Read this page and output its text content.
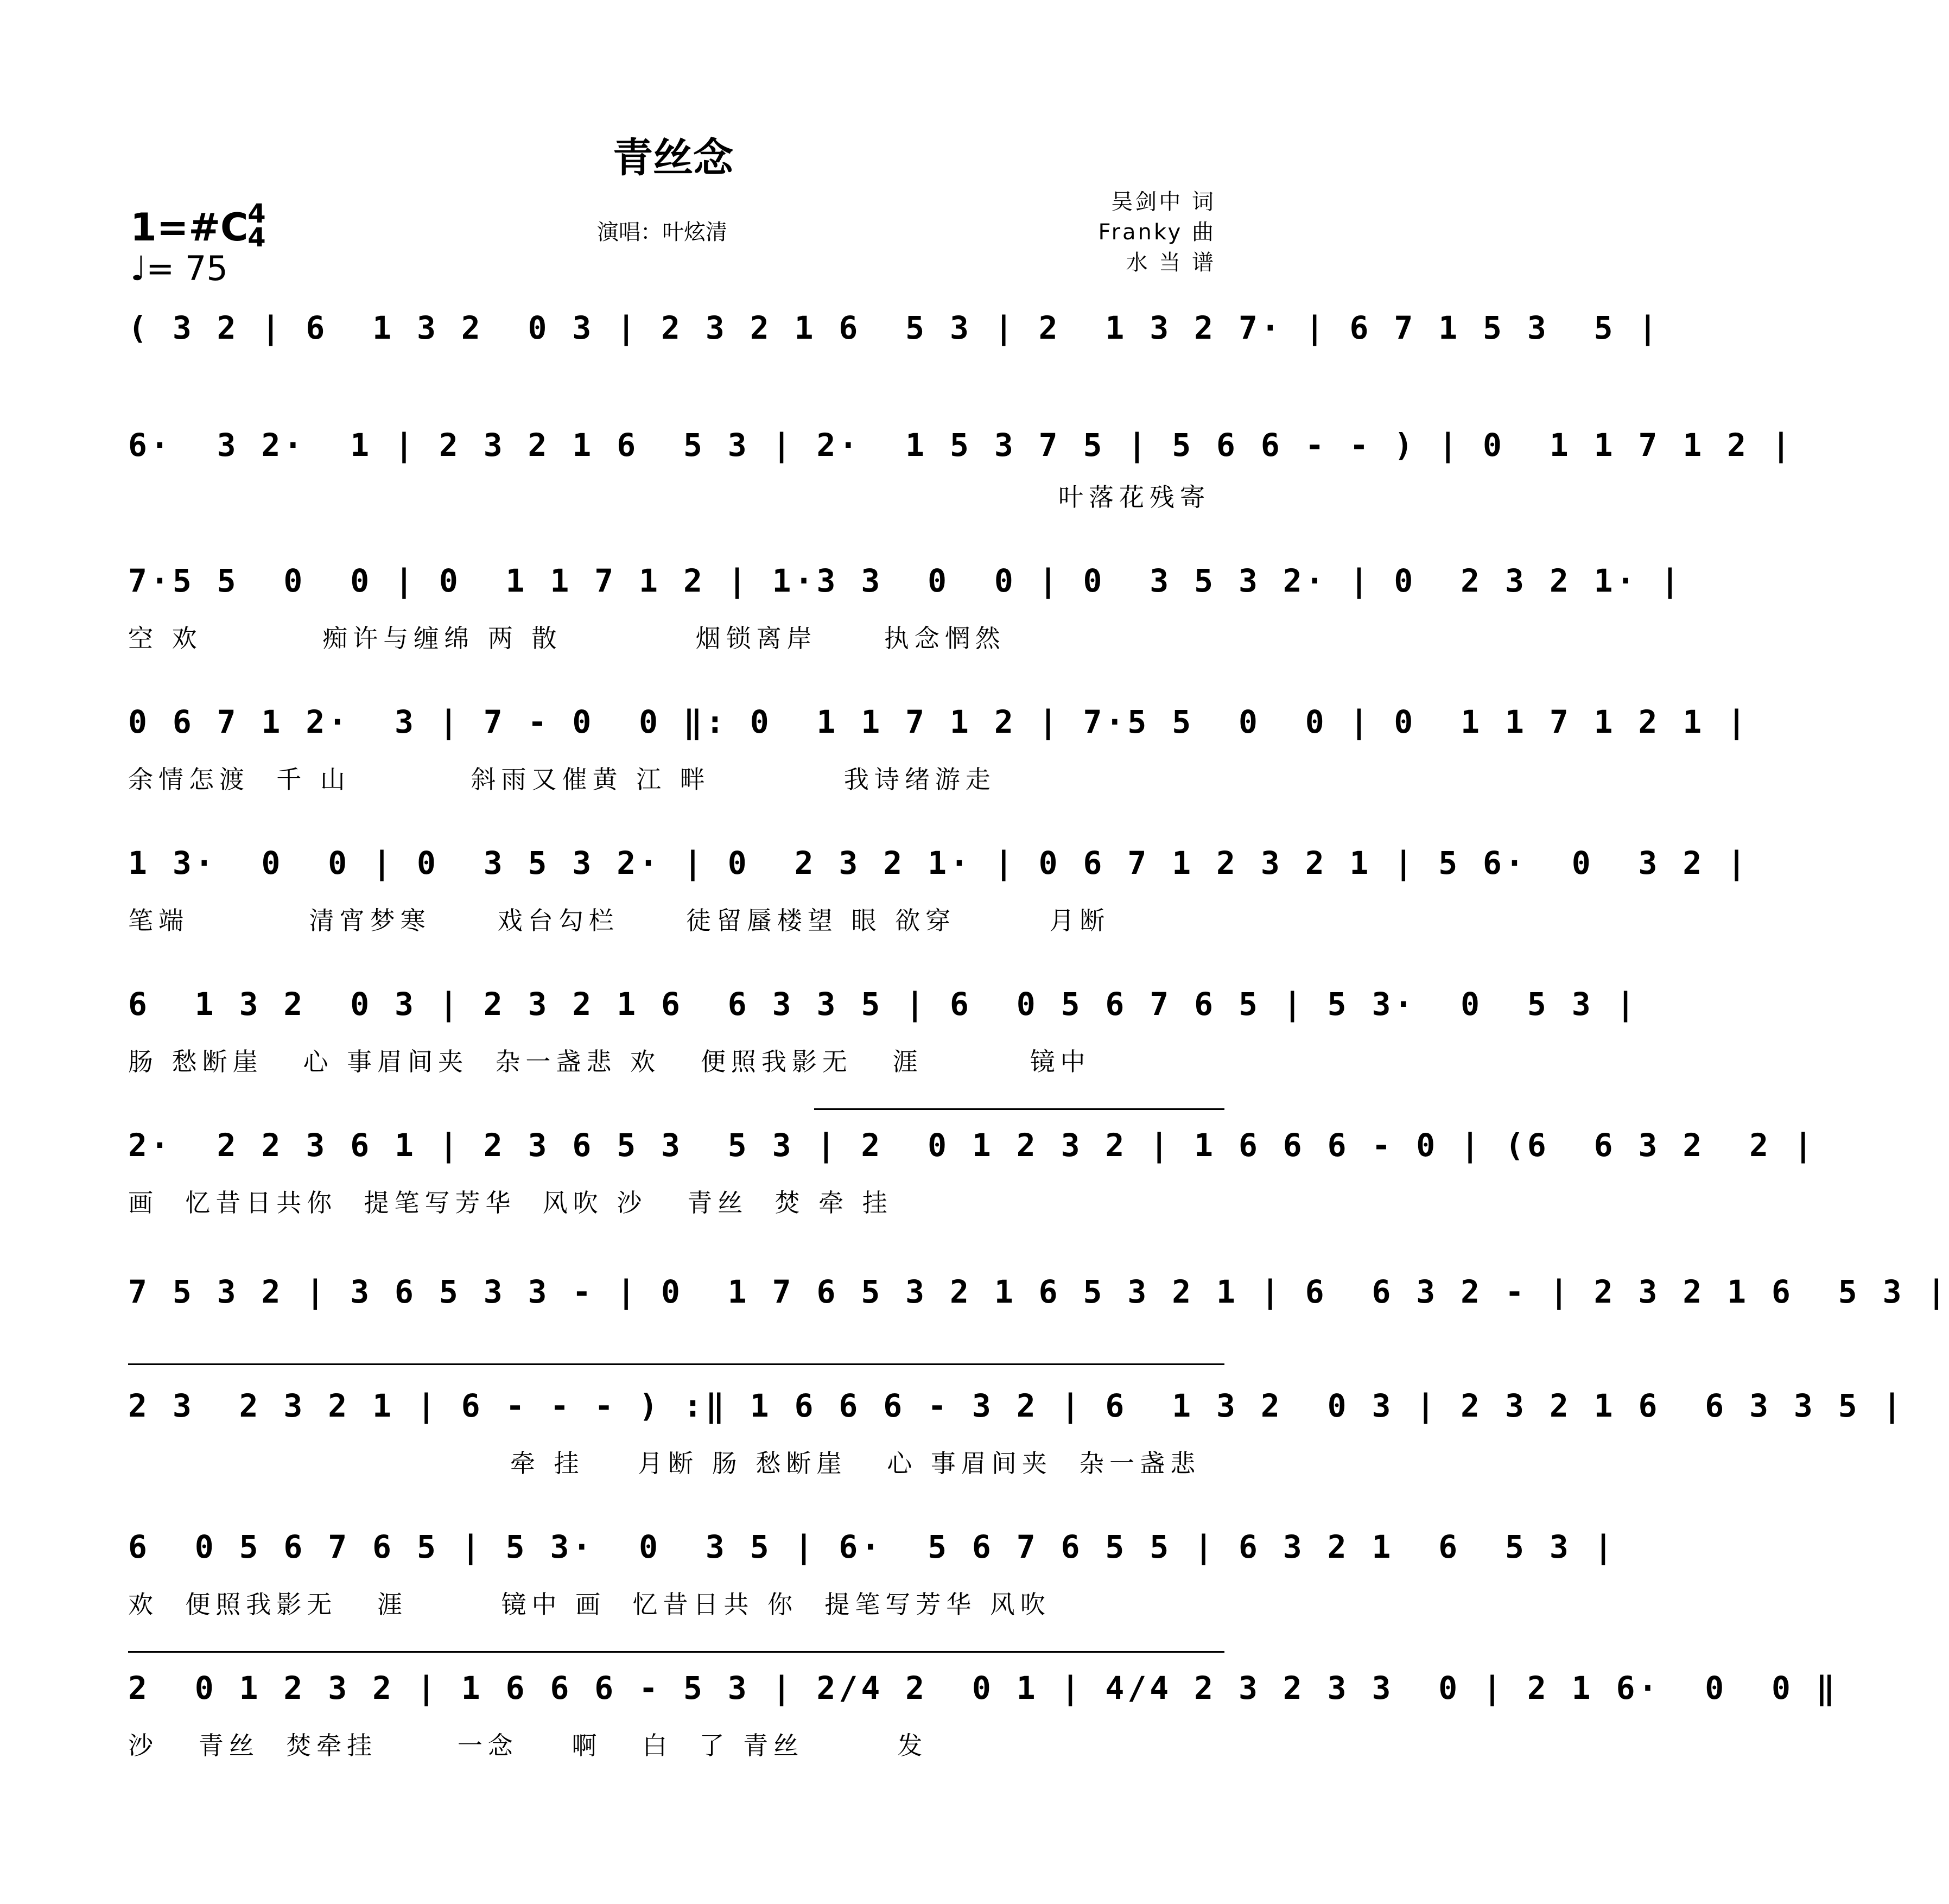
青丝念
1=#C
4
4
♩= 75
演唱：叶炫清
吴剑中 词
Franky 曲
水 当 谱
( 3 2 | 6  1 3 2  0 3 | 2 3 2 1 6  5 3 | 2  1 3 2 7· | 6 7 1 5 3  5 |
6·  3 2·  1 | 2 3 2 1 6  5 3 | 2·  1 5 3 7 5 | 5 6 6 - - ) | 0  1 1 7 1 2 |
叶落花残寄
7·5 5  0  0 | 0  1 1 7 1 2 | 1·3 3  0  0 | 0  3 5 3 2· | 0  2 3 2 1· |
空 欢         痴许与缠绵 两 散          烟锁离岸     执念惘然
0 6 7 1 2·  3 | 7 - 0  0 ‖: 0  1 1 7 1 2 | 7·5 5  0  0 | 0  1 1 7 1 2 1 |
余情怎渡  千 山         斜雨又催黄 江 畔          我诗绪游走
1 3·  0  0 | 0  3 5 3 2· | 0  2 3 2 1· | 0 6 7 1 2 3 2 1 | 5 6·  0  3 2 |
笔端         清宵梦寒     戏台勾栏     徒留蜃楼望 眼 欲穿       月断
6  1 3 2  0 3 | 2 3 2 1 6  6 3 3 5 | 6  0 5 6 7 6 5 | 5 3·  0  5 3 |
肠 愁断崖   心 事眉间夹  杂一盏悲 欢   便照我影无   涯        镜中
2·  2 2 3 6 1 | 2 3 6 5 3  5 3 | 2  0 1 2 3 2 | 1 6 6 6 - 0 | (6  6 3 2  2 |
画  忆昔日共你  提笔写芳华  风吹 沙   青丝  焚 牵 挂
7 5 3 2 | 3 6 5 3 3 - | 0  1 7 6 5 3 2 1 6 5 3 2 1 | 6  6 3 2 - | 2 3 2 1 6  5 3 |
2 3  2 3 2 1 | 6 - - - ) :‖ 1 6 6 6 - 3 2 | 6  1 3 2  0 3 | 2 3 2 1 6  6 3 3 5 |
牵 挂    月断 肠 愁断崖   心 事眉间夹  杂一盏悲
6  0 5 6 7 6 5 | 5 3·  0  3 5 | 6·  5 6 7 6 5 5 | 6 3 2 1  6  5 3 |
欢  便照我影无   涯       镜中 画  忆昔日共 你  提笔写芳华 风吹
2  0 1 2 3 2 | 1 6 6 6 - 5 3 | 2/4 2  0 1 | 4/4 2 3 2 3 3  0 | 2 1 6·  0  0 ‖
沙   青丝  焚牵挂      一念    啊   白  了 青丝       发
